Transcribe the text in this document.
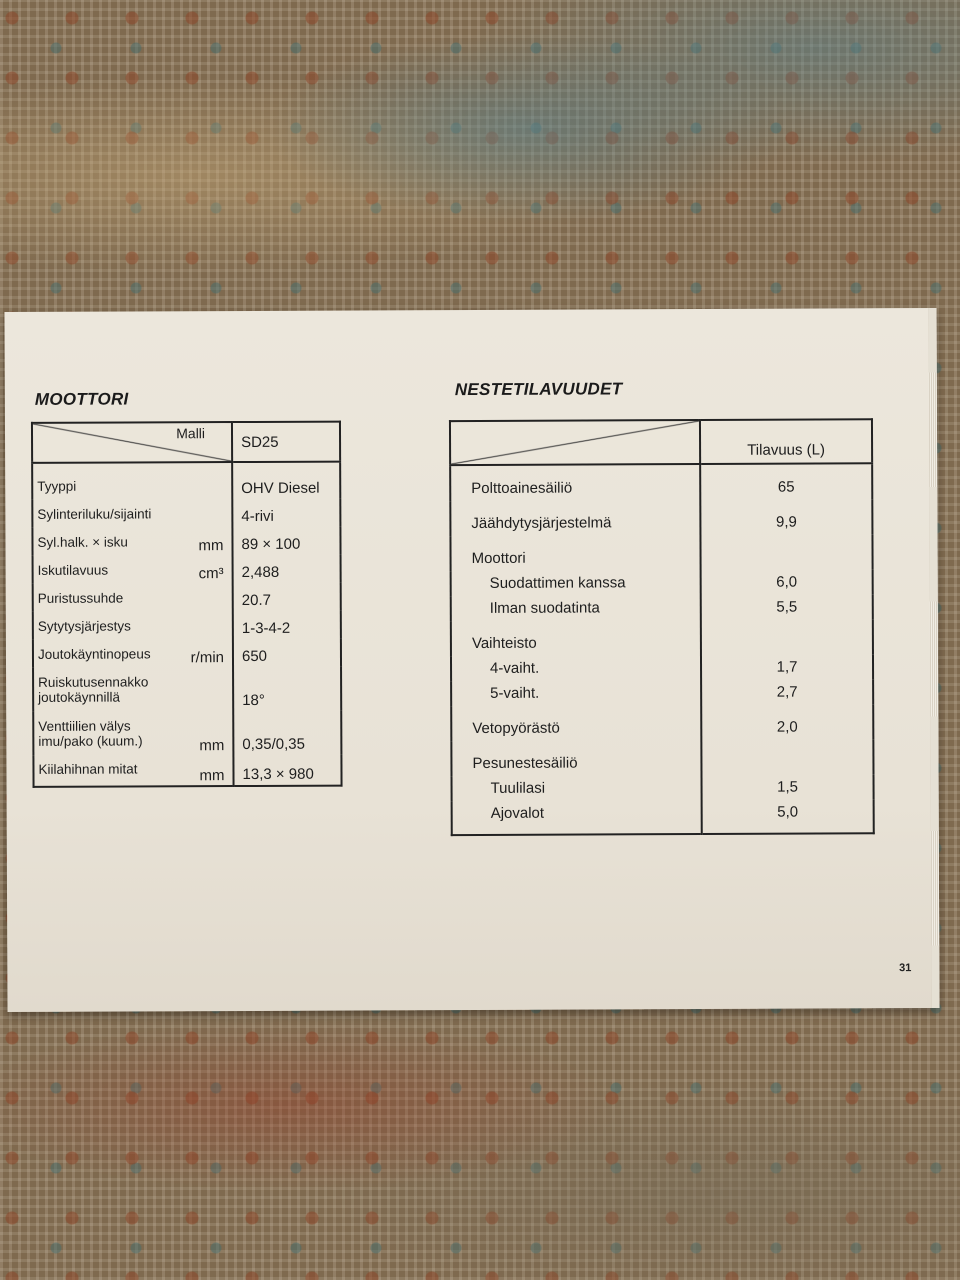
MOOTTORI
Malli	SD25
Tyyppi	OHV Diesel
Sylinteriluku/sijainti	4-rivi
Syl.halk. × isku mm	89 × 100
Iskutilavuus cm³	2,488
Puristussuhde	20.7
Sytytysjärjestys	1-3-4-2
Joutokäyntinopeus r/min	650

Ruiskutusennakko joutokäynnillä	18°

Venttiilien välys imu/pako (kuum.) mm	0,35/0,35
Kiilahihnan mitat mm	13,3 × 980
NESTETILAVUUDET
	Tilavuus (L)
Polttoainesäiliö	65
Jäähdytysjärjestelmä	9,9
Moottori	
Suodattimen kanssa	6,0
Ilman suodatinta	5,5
Vaihteisto	
4-vaiht.	1,7
5-vaiht.	2,7
Vetopyörästö	2,0
Pesunestesäiliö	
Tuulilasi	1,5
Ajovalot	5,0
31
